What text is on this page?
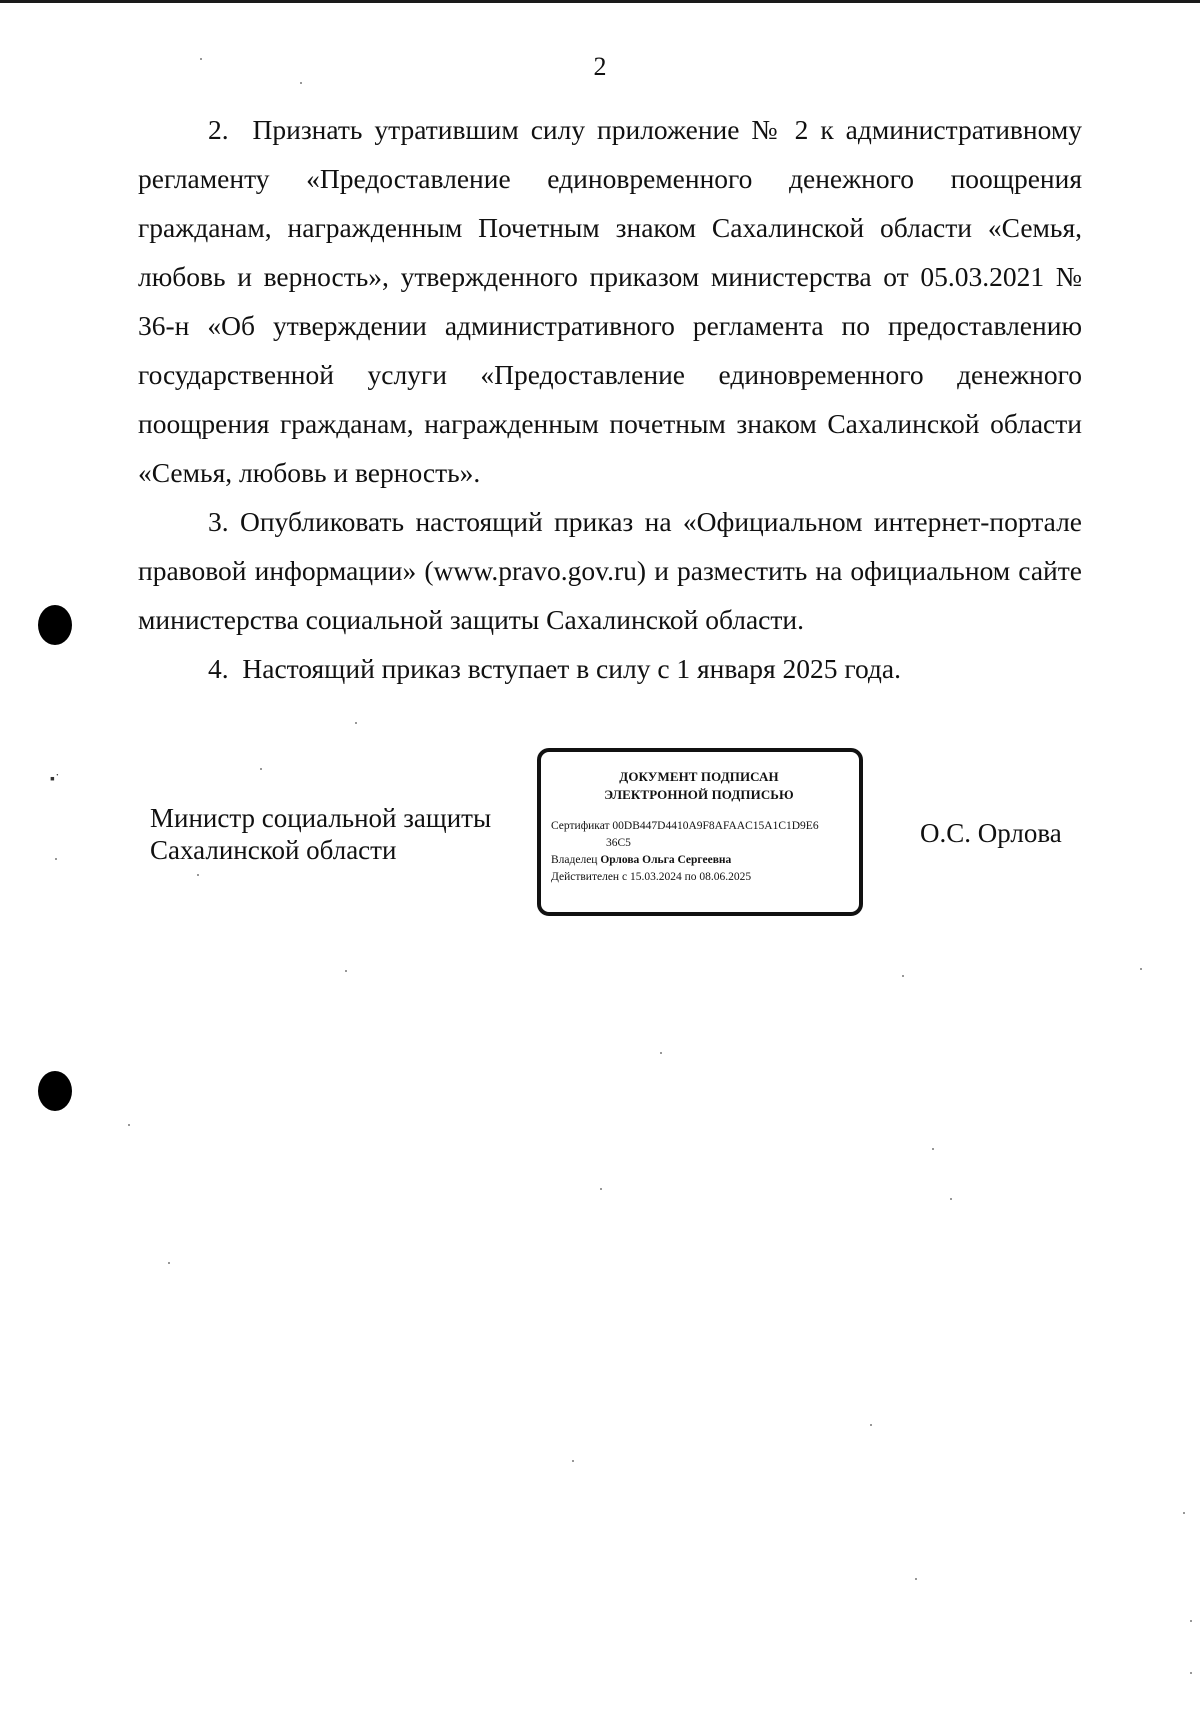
2

2.  Признать утратившим силу приложение № 2 к административному регламенту «Предоставление единовременного денежного поощрения гражданам, награжденным Почетным знаком Сахалинской области «Семья, любовь и верность», утвержденного приказом министерства от 05.03.2021 № 36-н «Об утверждении административного регламента по предоставлению государственной услуги «Предоставление единовременного денежного поощрения гражданам, награжденным почетным знаком Сахалинской области «Семья, любовь и верность».

3. Опубликовать настоящий приказ на «Официальном интернет-портале правовой информации» (www.pravo.gov.ru) и разместить на официальном сайте министерства социальной защиты Сахалинской области.

4.  Настоящий приказ вступает в силу с 1 января 2025 года.

Министр социальной защиты
Сахалинской области
ДОКУМЕНТ ПОДПИСАН
ЭЛЕКТРОННОЙ ПОДПИСЬЮ
Сертификат 00DB447D4410A9F8AFAAC15A1C1D9E6
36C5
Владелец Орлова Ольга Сергеевна
Действителен с 15.03.2024 по 08.06.2025
О.С. Орлова
▪˙
